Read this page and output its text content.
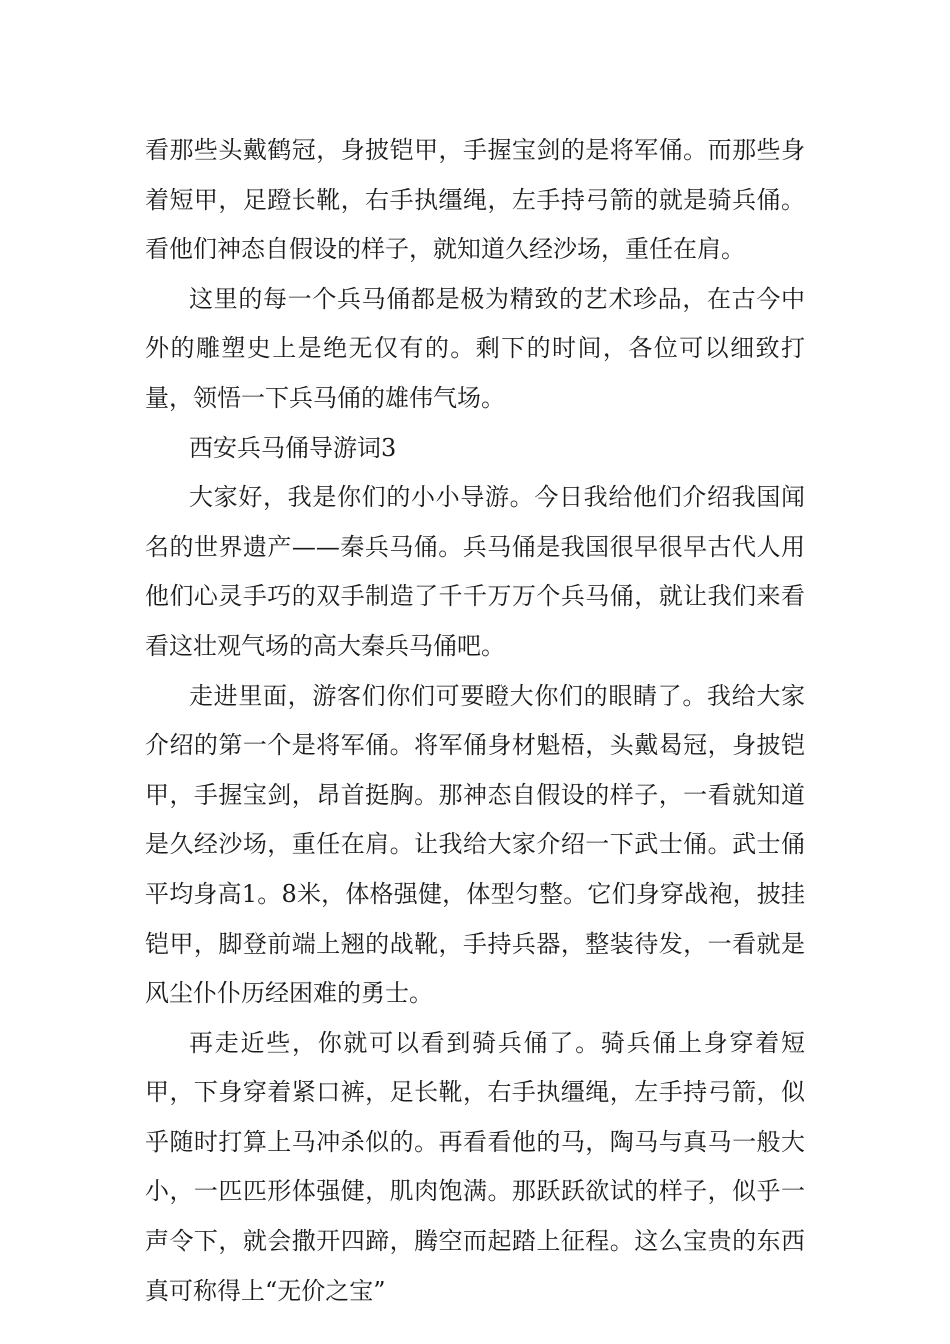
看那些头戴鹤冠，身披铠甲，手握宝剑的是将军俑。而那些身着短甲，足蹬长靴，右手执缰绳，左手持弓箭的就是骑兵俑。看他们神态自假设的样子，就知道久经沙场，重任在肩。

这里的每一个兵马俑都是极为精致的艺术珍品，在古今中外的雕塑史上是绝无仅有的。剩下的时间，各位可以细致打量，领悟一下兵马俑的雄伟气场。

西安兵马俑导游词3

大家好，我是你们的小小导游。今日我给他们介绍我国闻名的世界遗产——秦兵马俑。兵马俑是我国很早很早古代人用他们心灵手巧的双手制造了千千万万个兵马俑，就让我们来看看这壮观气场的高大秦兵马俑吧。

走进里面，游客们你们可要瞪大你们的眼睛了。我给大家介绍的第一个是将军俑。将军俑身材魁梧，头戴曷冠，身披铠甲，手握宝剑，昂首挺胸。那神态自假设的样子，一看就知道是久经沙场，重任在肩。让我给大家介绍一下武士俑。武士俑平均身高1。8米，体格强健，体型匀整。它们身穿战袍，披挂铠甲，脚登前端上翘的战靴，手持兵器，整装待发，一看就是风尘仆仆历经困难的勇士。

再走近些，你就可以看到骑兵俑了。骑兵俑上身穿着短甲，下身穿着紧口裤，足长靴，右手执缰绳，左手持弓箭，似乎随时打算上马冲杀似的。再看看他的马，陶马与真马一般大小，一匹匹形体强健，肌肉饱满。那跃跃欲试的样子，似乎一声令下，就会撒开四蹄，腾空而起踏上征程。这么宝贵的东西真可称得上“无价之宝”
